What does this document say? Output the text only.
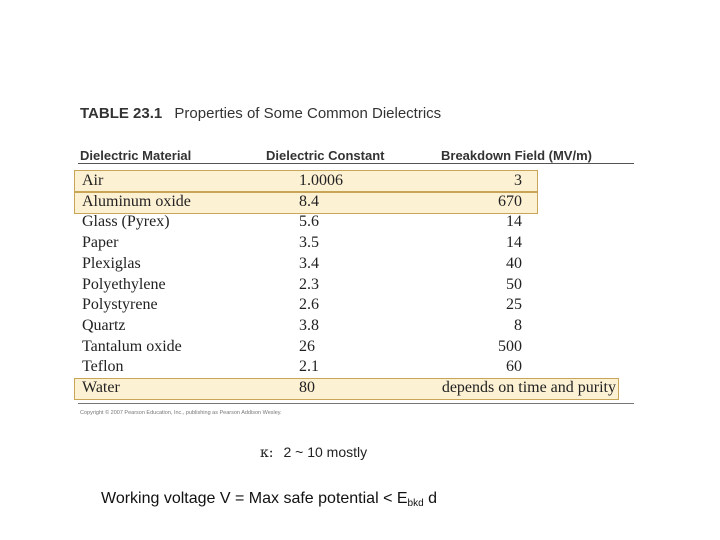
TABLE 23.1 Properties of Some Common Dielectrics
Dielectric Material	Dielectric Constant	Breakdown Field (MV/m)
Air	1.0006	3
Aluminum oxide	8.4	670
Glass (Pyrex)	5.6	14
Paper	3.5	14
Plexiglas	3.4	40
Polyethylene	2.3	50
Polystyrene	2.6	25
Quartz	3.8	8
Tantalum oxide	26	500
Teflon	2.1	60
Water	80	depends on time and purity
Copyright © 2007 Pearson Education, Inc., publishing as Pearson Addison Wesley.
κ: 2 ~ 10 mostly
Working voltage V = Max safe potential < $E_{bkd}$ d
